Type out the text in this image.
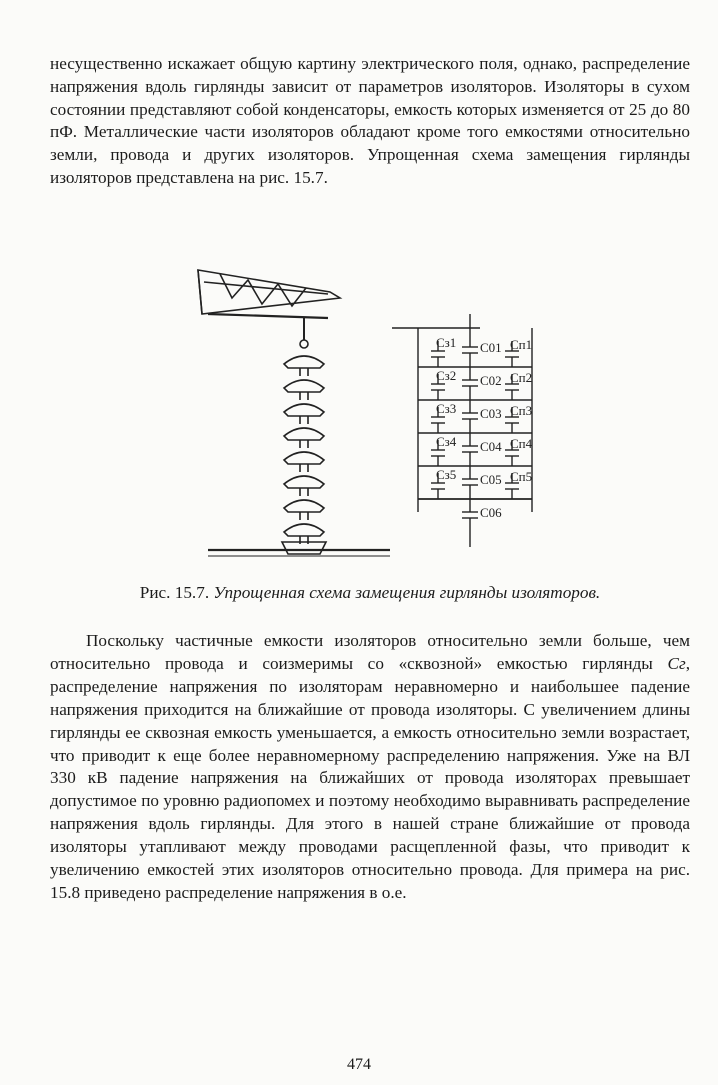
несущественно искажает общую картину электрического поля, однако, распределение напряжения вдоль гирлянды зависит от параметров изоляторов. Изоляторы в сухом состоянии представляют собой конденсаторы, емкость которых изменяется от 25 до 80 пФ. Металлические части изоляторов обладают кроме того емкостями относительно земли, провода и других изоляторов. Упрощенная схема замещения гирлянды изоляторов представлена на рис. 15.7.

C01
C02
C03
C04
C05
C06
Cз1	Cп1
Cз2	Cп2
Cз3	Cп3
Cз4	Cп4
Cз5	Cп5

Рис. 15.7. Упрощенная схема замещения гирлянды изоляторов.

Поскольку частичные емкости изоляторов относительно земли больше, чем относительно провода и соизмеримы со «сквозной» емкостью гирлянды Cг, распределение напряжения по изоляторам неравномерно и наибольшее падение напряжения приходится на ближайшие от провода изоляторы. С увеличением длины гирлянды ее сквозная емкость уменьшается, а емкость относительно земли возрастает, что приводит к еще более неравномерному распределению напряжения. Уже на ВЛ 330 кВ падение напряжения на ближайших от провода изоляторах превышает допустимое по уровню радиопомех и поэтому необходимо выравнивать распределение напряжения вдоль гирлянды. Для этого в нашей стране ближайшие от провода изоляторы утапливают между проводами расщепленной фазы, что приводит к увеличению емкостей этих изоляторов относительно провода. Для примера на рис. 15.8 приведено распределение напряжения в о.е.

474
